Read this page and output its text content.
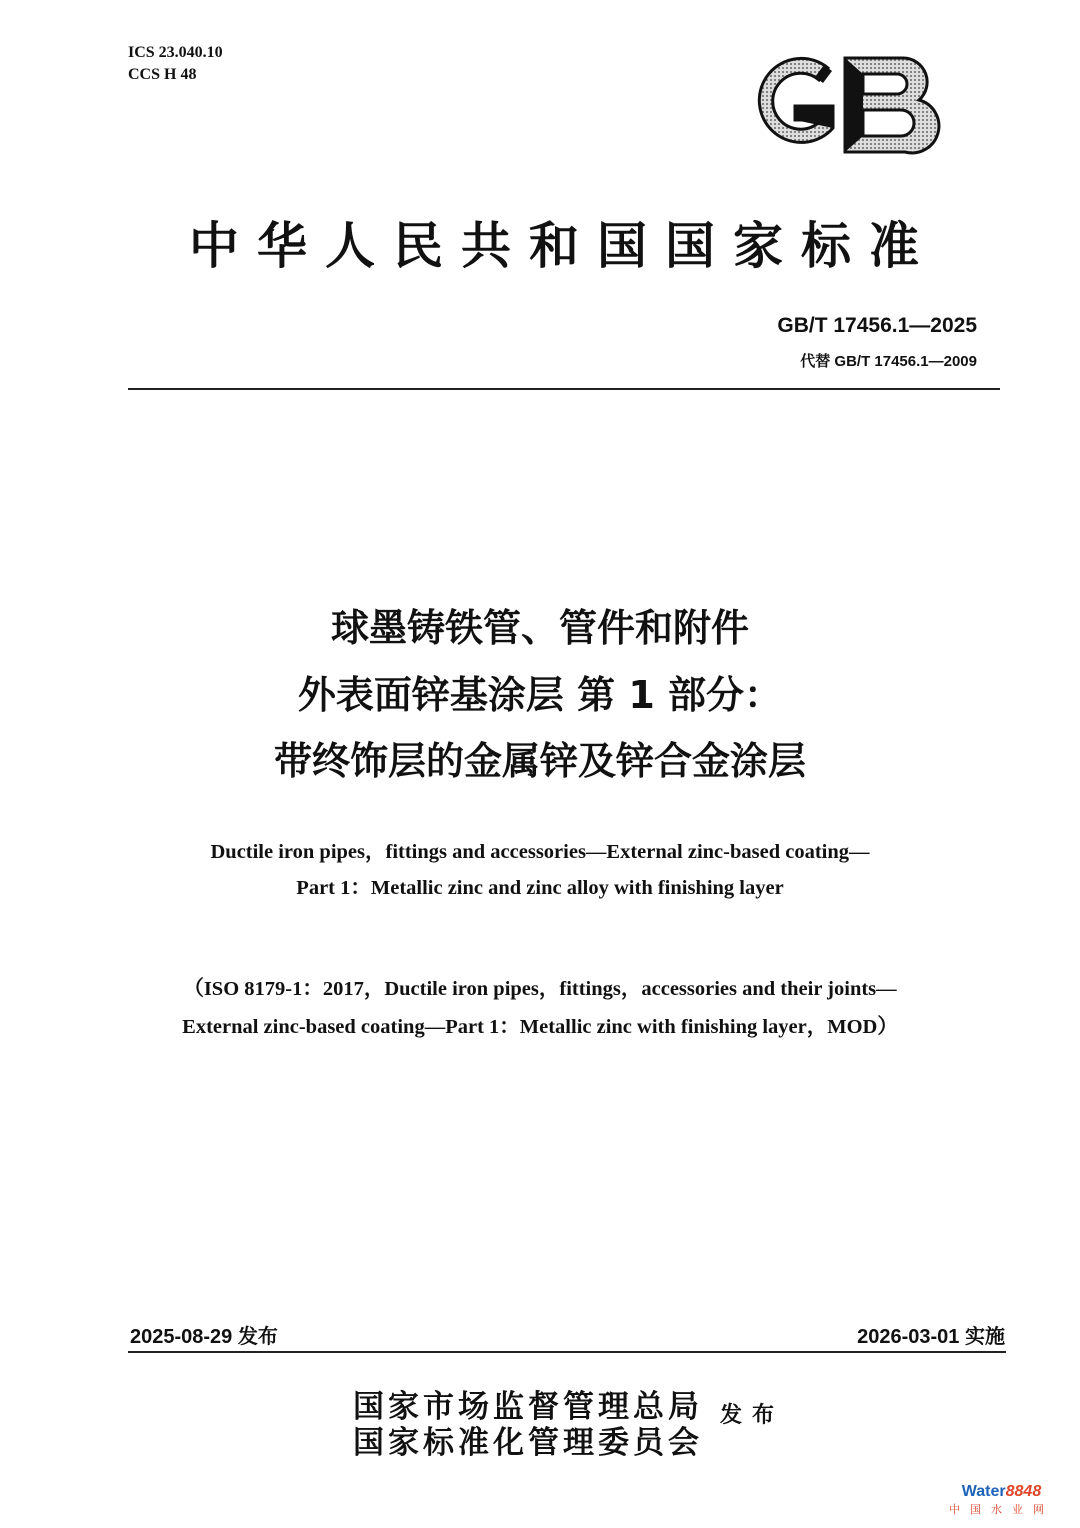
ICS 23.040.10
CCS H 48
中华人民共和国国家标准
GB/T 17456.1—2025
代替 GB/T 17456.1—2009
球墨铸铁管、管件和附件
外表面锌基涂层 第 1 部分：
带终饰层的金属锌及锌合金涂层
Ductile iron pipes，fittings and accessories—External zinc-based coating—
Part 1：Metallic zinc and zinc alloy with finishing layer
（ISO 8179-1：2017，Ductile iron pipes，fittings，accessories and their joints—
External zinc-based coating—Part 1：Metallic zinc with finishing layer，MOD）
2025-08-29 发布	2026-03-01 实施
国家市场监督管理总局
国家标准化管理委员会
发布
Water8848
中国水业网
